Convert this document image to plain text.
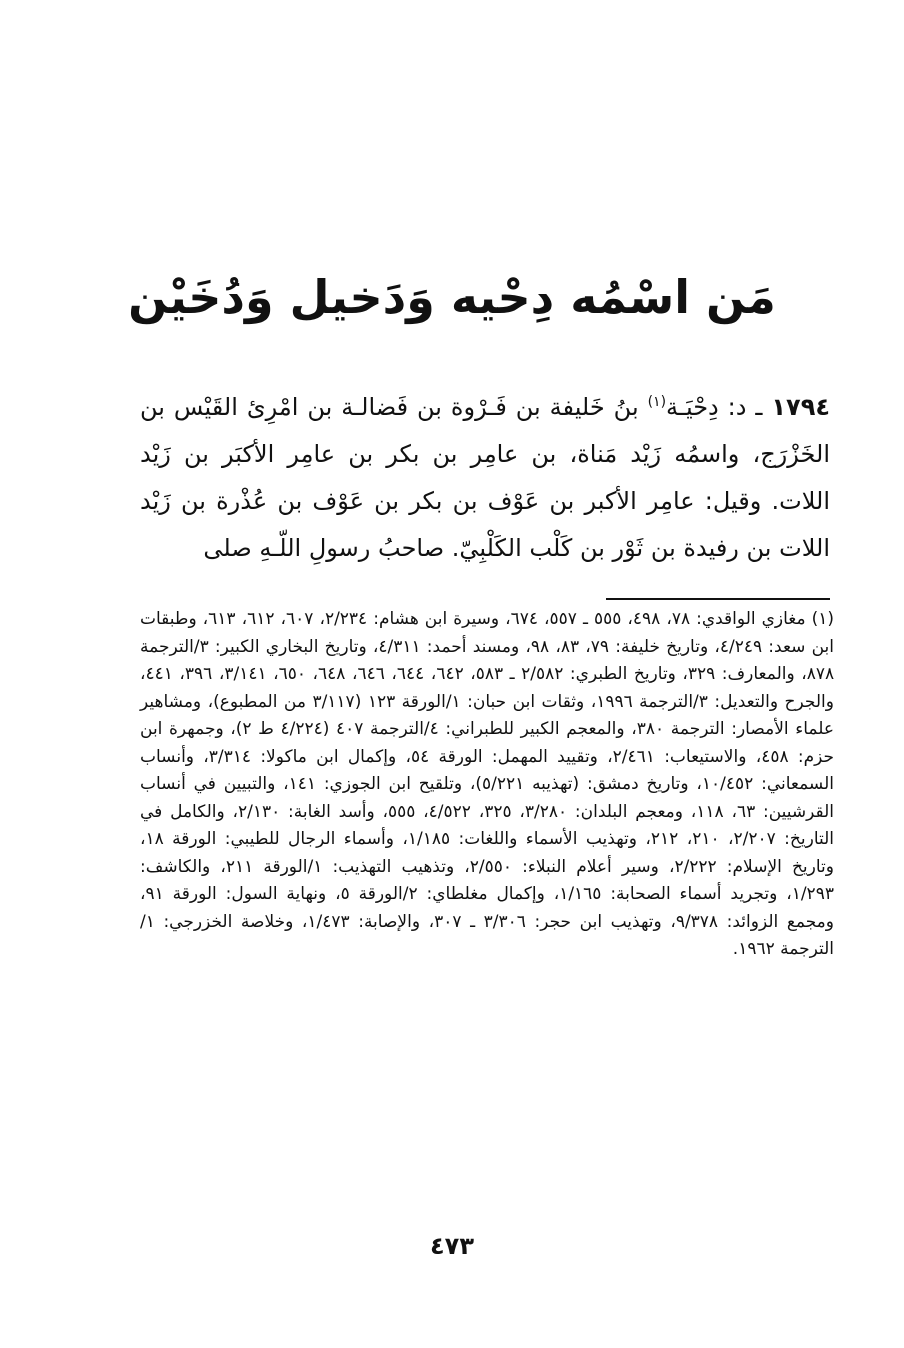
مَن اسْمُه دِحْيه وَدَخيل وَدُخَيْن

١٧٩٤ ـ د: دِحْيَـة$^{(١)}$ بنُ خَليفة بن فَـرْوة بن فَضالـة بن امْرِئ القَيْس بن الخَزْرَج، واسمُه زَيْد مَناة، بن عامِر بن بكر بن عامِر الأكبَر بن زَيْد اللات. وقيل: عامِر الأكبر بن عَوْف بن بكر بن عَوْف بن عُذْرة بن زَيْد اللات بن رفيدة بن ثَوْر بن كَلْب الكَلْبِيّ. صاحبُ رسولِ اللّـهِ صلى

(١) مغازي الواقدي: ٧٨، ٤٩٨، ٥٥٥ ـ ٥٥٧، ٦٧٤، وسيرة ابن هشام: ٢/٢٣٤، ٦٠٧، ٦١٢، ٦١٣، وطبقات ابن سعد: ٤/٢٤٩، وتاريخ خليفة: ٧٩، ٨٣، ٩٨، ومسند أحمد: ٤/٣١١، وتاريخ البخاري الكبير: ٣/الترجمة ٨٧٨، والمعارف: ٣٢٩، وتاريخ الطبري: ٢/٥٨٢ ـ ٥٨٣، ٦٤٢، ٦٤٤، ٦٤٦، ٦٤٨، ٦٥٠، ٣/١٤١، ٣٩٦، ٤٤١، والجرح والتعديل: ٣/الترجمة ١٩٩٦، وثقات ابن حبان: ١/الورقة ١٢٣ (٣/١١٧ من المطبوع)، ومشاهير علماء الأمصار: الترجمة ٣٨٠، والمعجم الكبير للطبراني: ٤/الترجمة ٤٠٧ (٤/٢٢٤ ط ٢)، وجمهرة ابن حزم: ٤٥٨، والاستيعاب: ٢/٤٦١، وتقييد المهمل: الورقة ٥٤، وإكمال ابن ماكولا: ٣/٣١٤، وأنساب السمعاني: ١٠/٤٥٢، وتاريخ دمشق: (تهذيبه ٥/٢٢١)، وتلقيح ابن الجوزي: ١٤١، والتبيين في أنساب القرشيين: ٦٣، ١١٨، ومعجم البلدان: ٣/٢٨٠، ٣٢٥، ٤/٥٢٢، ٥٥٥، وأسد الغابة: ٢/١٣٠، والكامل في التاريخ: ٢/٢٠٧، ٢١٠، ٢١٢، وتهذيب الأسماء واللغات: ١/١٨٥، وأسماء الرجال للطيبي: الورقة ١٨، وتاريخ الإسلام: ٢/٢٢٢، وسير أعلام النبلاء: ٢/٥٥٠، وتذهيب التهذيب: ١/الورقة ٢١١، والكاشف: ١/٢٩٣، وتجريد أسماء الصحابة: ١/١٦٥، وإكمال مغلطاي: ٢/الورقة ٥، ونهاية السول: الورقة ٩١، ومجمع الزوائد: ٩/٣٧٨، وتهذيب ابن حجر: ٣/٣٠٦ ـ ٣٠٧، والإصابة: ١/٤٧٣، وخلاصة الخزرجي: ١/الترجمة ١٩٦٢.

٤٧٣
